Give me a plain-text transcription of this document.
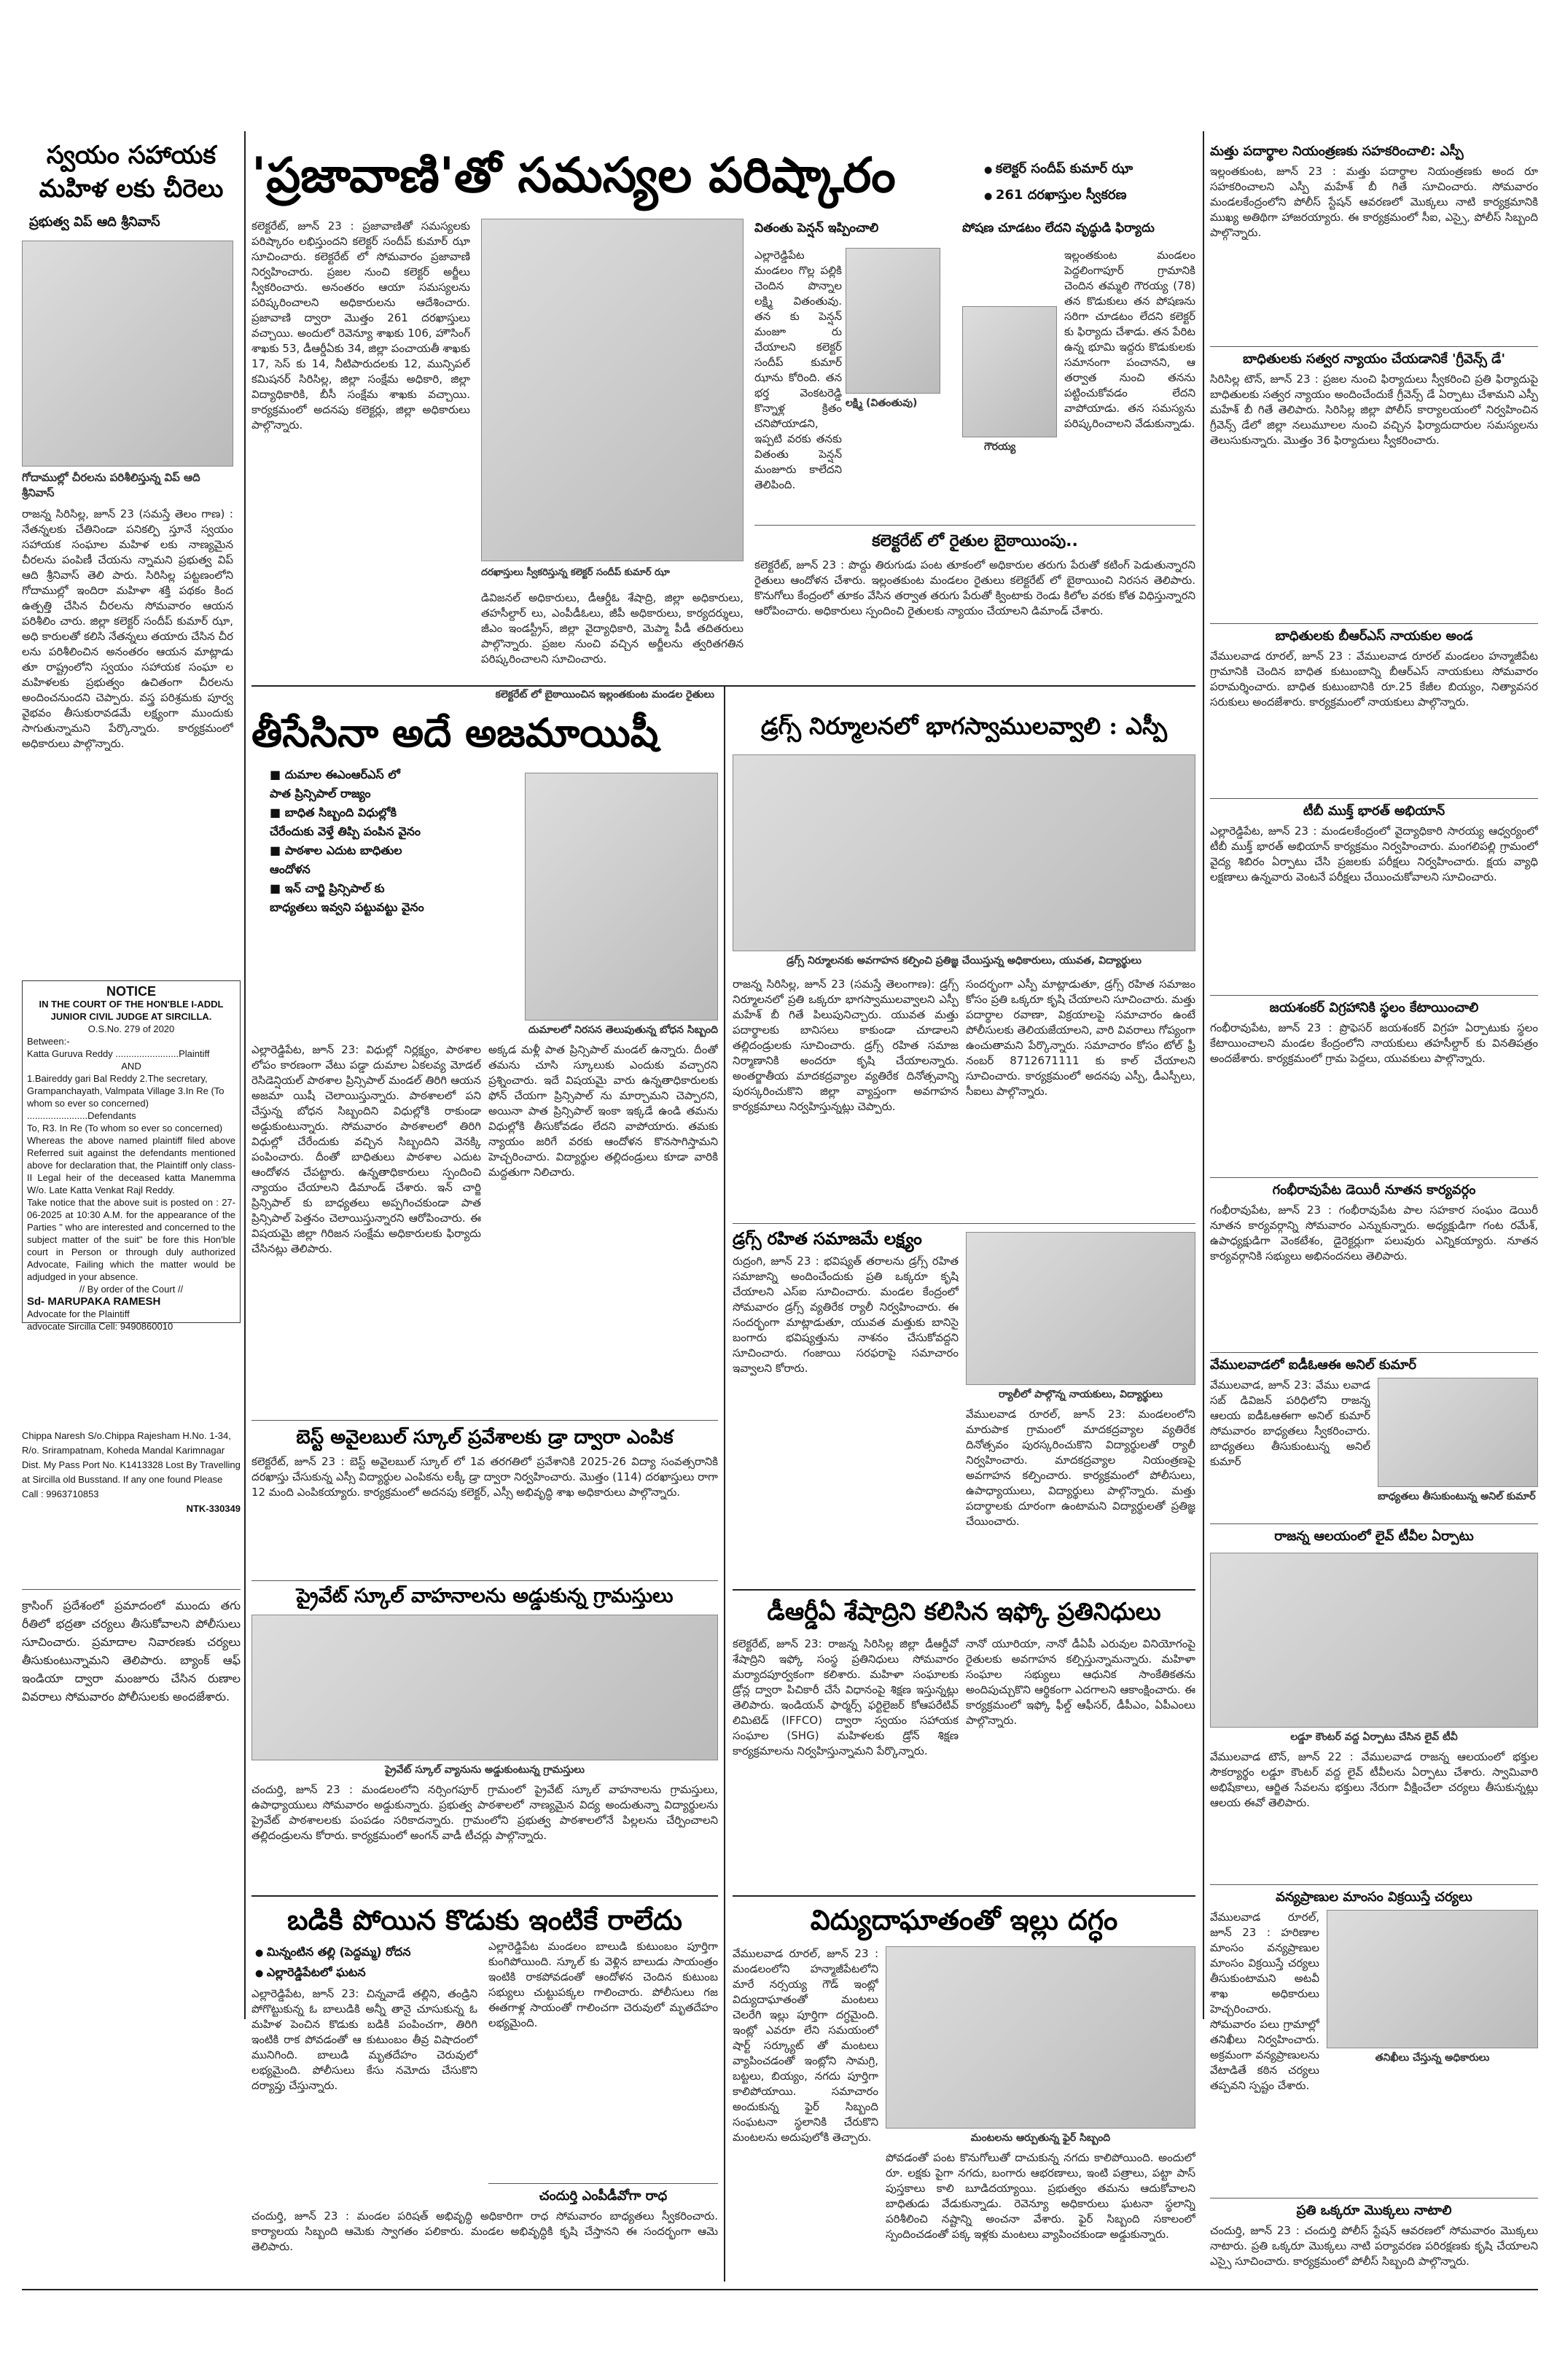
స్వయం సహాయక మహిళ లకు చీరెలు
ప్రభుత్వ విప్ ఆది శ్రీనివాస్
గోదాముల్లో చీరలను పరిశీలిస్తున్న విప్ ఆది శ్రీనివాస్
రాజన్న సిరిసిల్ల, జూన్ 23 (సమస్తే తెలం గాణ) : నేతన్నలకు చేతినిండా పనికల్పి స్తూనే స్వయం సహాయక సంఘాల మహిళ లకు నాణ్యమైన చీరలను పంపిణీ చేయను న్నామని ప్రభుత్వ విప్ ఆది శ్రీనివాస్ తెలి పారు. సిరిసిల్ల పట్టణంలోని గోదాముల్లో ఇందిరా మహిళా శక్తి పథకం కింద ఉత్పత్తి చేసిన చీరలను సోమవారం ఆయన పరిశీలిం చారు. జిల్లా కలెక్టర్ సందీప్ కుమార్ ఝా, అధి కారులతో కలిసి నేతన్నలు తయారు చేసిన చీర లను పరిశీలించిన అనంతరం ఆయన మాట్లాడు తూ రాష్ట్రంలోని స్వయం సహాయక సంఘా ల మహిళలకు ప్రభుత్వం ఉచితంగా చీరలను అందించనుందని చెప్పారు. వస్త్ర పరిశ్రమకు పూర్వ వైభవం తీసుకురావడమే లక్ష్యంగా ముందుకు సాగుతున్నామని పేర్కొన్నారు. కార్యక్రమంలో అధికారులు పాల్గొన్నారు.
NOTICE
IN THE COURT OF THE HON'BLE I-ADDL JUNIOR CIVIL JUDGE AT SIRCILLA.
O.S.No. 279 of 2020
Between:-
Katta Guruva Reddy ........................Plaintiff
AND
1.Baireddy gari Bal Reddy 2.The secretary, Grampanchayath, Valmpata Village 3.In Re (To whom so ever so concerned) .......................Defendants
To, R3. In Re (To whom so ever so concerned)
Whereas the above named plaintiff filed above Referred suit against the defendants mentioned above for declaration that, the Plaintiff only class-II Legal heir of the deceased katta Manemma W/o. Late Katta Venkat Rajl Reddy.
Take notice that the above suit is posted on : 27-06-2025 at 10:30 A.M. for the appearance of the Parties " who are interested and concerned to the subject matter of the suit" be fore this Hon'ble court in Person or through duly authorized Advocate, Failing which the matter would be adjudged in your absence.
// By order of the Court //
Sd- MARUPAKA RAMESH
Advocate for the Plaintiff
advocate Sircilla Cell: 9490860010
Chippa Naresh S/o.Chippa Rajesham H.No. 1-34, R/o. Srirampatnam, Koheda Mandal Karimnagar Dist. My Pass Port No. K1413328 Lost By Travelling at Sircilla old Busstand. If any one found Please Call : 9963710853
NTK-330349
క్రాసింగ్ ప్రదేశంలో ప్రమాదంలో ముందు తగు రీతిలో భద్రతా చర్యలు తీసుకోవాలని పోలీసులు సూచించారు. ప్రమాదాల నివారణకు చర్యలు తీసుకుంటున్నామని తెలిపారు. బ్యాంక్ ఆఫ్ ఇండియా ద్వారా మంజూరు చేసిన రుణాల వివరాలు సోమవారం పోలీసులకు అందజేశారు.
'ప్రజావాణి'తో సమస్యల పరిష్కారం
●	కలెక్టర్ సందీప్ కుమార్ ఝా
● 261 దరఖాస్తుల స్వీకరణ
కలెక్టరేట్, జూన్ 23 : ప్రజావాణితో సమస్యలకు పరిష్కారం లభిస్తుందని కలెక్టర్ సందీప్ కుమార్ ఝా సూచించారు. కలెక్టరేట్ లో సోమవారం ప్రజావాణి నిర్వహించారు. ప్రజల నుంచి కలెక్టర్ అర్జీలు స్వీకరించారు. అనంతరం ఆయా సమస్యలను పరిష్కరించాలని అధికారులను ఆదేశించారు. ప్రజావాణి ద్వారా మొత్తం 261 దరఖాస్తులు వచ్చాయి. అందులో రెవెన్యూ శాఖకు 106, హౌసింగ్ శాఖకు 53, డీఆర్డీఏకు 34, జిల్లా పంచాయతీ శాఖకు 17, సెస్ కు 14, నీటిపారుదలకు 12, మున్సిపల్ కమిషనర్ సిరిసిల్ల, జిల్లా సంక్షేమ అధికారి, జిల్లా విద్యాధికారికి, బీసీ సంక్షేమ శాఖకు వచ్చాయి. కార్యక్రమంలో అదనపు కలెక్టర్లు, జిల్లా అధికారులు పాల్గొన్నారు.
దరఖాస్తులు స్వీకరిస్తున్న కలెక్టర్ సందీప్ కుమార్ ఝా
డివిజనల్ అధికారులు, డీఆర్డీఓ శేషాద్రి, జిల్లా అధికారులు, తహసీల్దార్ లు, ఎంపీడీఓలు, జీపీ అధికారులు, కార్యదర్శులు, జీఎం ఇండస్ట్రీస్, జిల్లా వైద్యాధికారి, మెప్మా పీడీ తదితరులు పాల్గొన్నారు. ప్రజల నుంచి వచ్చిన అర్జీలను త్వరితగతిన పరిష్కరించాలని సూచించారు.
వితంతు పెన్షన్ ఇప్పించాలి
లక్ష్మి (వితంతువు)
ఎల్లారెడ్డిపేట మండలం గొల్ల పల్లికి చెందిన పొన్నాల లక్ష్మి వితంతువు. తన కు పెన్షన్ మంజూ రు చేయాలని కలెక్టర్ సందీప్ కుమార్ ఝాను కోరింది. తన భర్త వెంకటరెడ్డి కొన్నాళ్ల క్రితం చనిపోయాడని, ఇప్పటి వరకు తనకు వితంతు పెన్షన్ మంజూరు కాలేదని తెలిపింది.
పోషణ చూడటం లేదని వృద్ధుడి ఫిర్యాదు
గౌరయ్య
ఇల్లంతకుంట మండలం పెద్దలింగాపూర్ గ్రామానికి చెందిన తమ్మలి గౌరయ్య (78) తన కొడుకులు తన పోషణను సరిగా చూడటం లేదని కలెక్టర్ కు ఫిర్యాదు చేశాడు. తన పేరిట ఉన్న భూమి ఇద్దరు కొడుకులకు సమానంగా పంచానని, ఆ తర్వాత నుంచి తనను పట్టించుకోవడం లేదని వాపోయాడు. తన సమస్యను పరిష్కరించాలని వేడుకున్నాడు.
కలెక్టరేట్ లో రైతుల బైఠాయింపు..
కలెక్టరేట్, జూన్ 23 : పొద్దు తిరుగుడు పంట తూకంలో అధికారుల తరుగు పేరుతో కటింగ్ పెడుతున్నారని రైతులు ఆందోళన చేశారు. ఇల్లంతకుంట మండలం రైతులు కలెక్టరేట్ లో బైఠాయించి నిరసన తెలిపారు. కొనుగోలు కేంద్రంలో తూకం వేసిన తర్వాత తరుగు పేరుతో క్వింటాకు రెండు కిలోల వరకు కోత విధిస్తున్నారని ఆరోపించారు. అధికారులు స్పందించి రైతులకు న్యాయం చేయాలని డిమాండ్ చేశారు.
కలెక్టరేట్ లో బైఠాయించిన ఇల్లంతకుంట మండల రైతులు
తీసేసినా అదే అజమాయిషీ
■ దుమాల ఈఎంఆర్ఎస్ లో
పాత ప్రిన్సిపాల్ రాజ్యం
■ బాధిత సిబ్బంది విధుల్లోకి
చేరేందుకు వెళ్తే తిప్పి పంపిన వైనం
■ పాఠశాల ఎదుట బాధితుల
ఆందోళన
■ ఇన్ చార్జి ప్రిన్సిపాల్ కు
బాధ్యతలు ఇవ్వని పట్టువట్టు వైనం
దుమాలలో నిరసన తెలుపుతున్న బోధన సిబ్బంది
ఎల్లారెడ్డిపేట, జూన్ 23: విధుల్లో నిర్లక్ష్యం, పాఠశాల లోపం కారణంగా వేటు పడ్డా దుమాల ఏకలవ్య మోడల్ రెసిడెన్షియల్ పాఠశాల ప్రిన్సిపాల్ మండల్ తిరిగి ఆయన అజమా యిషీ చెలాయిస్తున్నారు. పాఠశాలలో పని చేస్తున్న బోధన సిబ్బందిని విధుల్లోకి రాకుండా అడ్డుకుంటున్నారు. సోమవారం పాఠశాలలో తిరిగి విధుల్లో చేరేందుకు వచ్చిన సిబ్బందిని వెనక్కి పంపించారు. దీంతో బాధితులు పాఠశాల ఎదుట ఆందోళన చేపట్టారు. ఉన్నతాధికారులు స్పందించి న్యాయం చేయాలని డిమాండ్ చేశారు. ఇన్ చార్జి ప్రిన్సిపాల్ కు బాధ్యతలు అప్పగించకుండా పాత ప్రిన్సిపాల్ పెత్తనం చెలాయిస్తున్నారని ఆరోపించారు. ఈ విషయమై జిల్లా గిరిజన సంక్షేమ అధికారులకు ఫిర్యాదు చేసినట్లు తెలిపారు.
అక్కడ మళ్లీ పాత ప్రిన్సిపాల్ మండల్ ఉన్నారు. దీంతో తమను చూసి స్కూలుకు ఎందుకు వచ్చారని ప్రశ్నించారు. ఇదే విషయమై వారు ఉన్నతాధికారులకు ఫోన్ చేయగా ప్రిన్సిపాల్ ను మార్చామని చెప్పారని, అయినా పాత ప్రిన్సిపాల్ ఇంకా ఇక్కడే ఉండి తమను విధుల్లోకి తీసుకోవడం లేదని వాపోయారు. తమకు న్యాయం జరిగే వరకు ఆందోళన కొనసాగిస్తామని హెచ్చరించారు. విద్యార్థుల తల్లిదండ్రులు కూడా వారికి మద్దతుగా నిలిచారు.
బెస్ట్ అవైలబుల్ స్కూల్ ప్రవేశాలకు డ్రా ద్వారా ఎంపిక
కలెక్టరేట్, జూన్ 23 : బెస్ట్ అవైలబుల్ స్కూల్ లో 1వ తరగతిలో ప్రవేశానికి 2025-26 విద్యా సంవత్సరానికి దరఖాస్తు చేసుకున్న ఎస్సీ విద్యార్థుల ఎంపికను లక్కీ డ్రా ద్వారా నిర్వహించారు. మొత్తం (114) దరఖాస్తులు రాగా 12 మంది ఎంపికయ్యారు. కార్యక్రమంలో అదనపు కలెక్టర్, ఎస్సీ అభివృద్ధి శాఖ అధికారులు పాల్గొన్నారు.
ప్రైవేట్ స్కూల్ వాహనాలను అడ్డుకున్న గ్రామస్తులు
ప్రైవేట్ స్కూల్ వ్యానును అడ్డుకుంటున్న గ్రామస్తులు
చందుర్తి, జూన్ 23 : మండలంలోని నర్సింగపూర్ గ్రామంలో ప్రైవేట్ స్కూల్ వాహనాలను గ్రామస్తులు, ఉపాధ్యాయులు సోమవారం అడ్డుకున్నారు. ప్రభుత్వ పాఠశాలలో నాణ్యమైన విద్య అందుతున్నా విద్యార్థులను ప్రైవేట్ పాఠశాలలకు పంపడం సరికాదన్నారు. గ్రామంలోని ప్రభుత్వ పాఠశాలలోనే పిల్లలను చేర్పించాలని తల్లిదండ్రులను కోరారు. కార్యక్రమంలో అంగన్ వాడీ టీచర్లు పాల్గొన్నారు.
బడికి పోయిన కొడుకు ఇంటికే రాలేదు
● మిన్నంటిన తల్లి (పెద్దమ్మ) రోదన
● ఎల్లారెడ్డిపేటలో ఘటన
ఎల్లారెడ్డిపేట, జూన్ 23: చిన్నవాడే తల్లిని, తండ్రిని పోగొట్టుకున్న ఓ బాలుడికి అన్నీ తానై చూసుకున్న ఓ మహిళ పెంచిన కొడుకు బడికి పంపించగా, తిరిగి ఇంటికి రాక పోవడంతో ఆ కుటుంబం తీవ్ర విషాదంలో మునిగింది. బాలుడి మృతదేహం చెరువులో లభ్యమైంది. పోలీసులు కేసు నమోదు చేసుకొని దర్యాప్తు చేస్తున్నారు.
ఎల్లారెడ్డిపేట మండలం బాలుడి కుటుంబం పూర్తిగా కుంగిపోయింది. స్కూల్ కు వెళ్లిన బాలుడు సాయంత్రం ఇంటికి రాకపోవడంతో ఆందోళన చెందిన కుటుంబ సభ్యులు చుట్టుపక్కల గాలించారు. పోలీసులు గజ ఈతగాళ్ల సాయంతో గాలించగా చెరువులో మృతదేహం లభ్యమైంది.
చందుర్తి ఎంపీడీవోగా రాధ
చందుర్తి, జూన్ 23 : మండల పరిషత్ అభివృద్ధి అధికారిగా రాధ సోమవారం బాధ్యతలు స్వీకరించారు. కార్యాలయ సిబ్బంది ఆమెకు స్వాగతం పలికారు. మండల అభివృద్ధికి కృషి చేస్తానని ఈ సందర్భంగా ఆమె తెలిపారు.
డ్రగ్స్ నిర్మూలనలో భాగస్వాములవ్వాలి : ఎస్పీ
డ్రగ్స్ నిర్మూలనకు అవగాహన కల్పించి ప్రతిజ్ఞ చేయిస్తున్న అధికారులు, యువత, విద్యార్థులు
రాజన్న సిరిసిల్ల, జూన్ 23 (సమస్తే తెలంగాణ): డ్రగ్స్ నిర్మూలనలో ప్రతి ఒక్కరూ భాగస్వాములవ్వాలని ఎస్పీ మహేశ్ బీ గితే పిలుపునిచ్చారు. యువత మత్తు పదార్థాలకు బానిసలు కాకుండా చూడాలని తల్లిదండ్రులకు సూచించారు. డ్రగ్స్ రహిత సమాజ నిర్మాణానికి అందరూ కృషి చేయాలన్నారు. అంతర్జాతీయ మాదకద్రవ్యాల వ్యతిరేక దినోత్సవాన్ని పురస్కరించుకొని జిల్లా వ్యాప్తంగా అవగాహన కార్యక్రమాలు నిర్వహిస్తున్నట్లు చెప్పారు.
సందర్భంగా ఎస్పీ మాట్లాడుతూ, డ్రగ్స్ రహిత సమాజం కోసం ప్రతి ఒక్కరూ కృషి చేయాలని సూచించారు. మత్తు పదార్థాల రవాణా, విక్రయాలపై సమాచారం ఉంటే పోలీసులకు తెలియజేయాలని, వారి వివరాలు గోప్యంగా ఉంచుతామని పేర్కొన్నారు. సమాచారం కోసం టోల్ ఫ్రీ నంబర్ 8712671111 కు కాల్ చేయాలని సూచించారు. కార్యక్రమంలో అదనపు ఎస్పీ, డీఎస్పీలు, సీఐలు పాల్గొన్నారు.
డ్రగ్స్ రహిత సమాజమే లక్ష్యం
రుద్రంగి, జూన్ 23 : భవిష్యత్ తరాలను డ్రగ్స్ రహిత సమాజాన్ని అందించేందుకు ప్రతి ఒక్కరూ కృషి చేయాలని ఎస్ఐ సూచించారు. మండల కేంద్రంలో సోమవారం డ్రగ్స్ వ్యతిరేక ర్యాలీ నిర్వహించారు. ఈ సందర్భంగా మాట్లాడుతూ, యువత మత్తుకు బానిసై బంగారు భవిష్యత్తును నాశనం చేసుకోవద్దని సూచించారు. గంజాయి సరఫరాపై సమాచారం ఇవ్వాలని కోరారు.
ర్యాలీలో పాల్గొన్న నాయకులు, విద్యార్థులు
వేములవాడ రూరల్, జూన్ 23: మండలంలోని మారుపాక గ్రామంలో మాదకద్రవ్యాల వ్యతిరేక దినోత్సవం పురస్కరించుకొని విద్యార్థులతో ర్యాలీ నిర్వహించారు. మాదకద్రవ్యాల నియంత్రణపై అవగాహన కల్పించారు. కార్యక్రమంలో పోలీసులు, ఉపాధ్యాయులు, విద్యార్థులు పాల్గొన్నారు. మత్తు పదార్థాలకు దూరంగా ఉంటామని విద్యార్థులతో ప్రతిజ్ఞ చేయించారు.
డీఆర్డీఏ శేషాద్రిని కలిసిన ఇఫ్కో ప్రతినిధులు
కలెక్టరేట్, జూన్ 23: రాజన్న సిరిసిల్ల జిల్లా డీఆర్డీవో శేషాద్రిని ఇఫ్కో సంస్థ ప్రతినిధులు సోమవారం మర్యాదపూర్వకంగా కలిశారు. మహిళా సంఘాలకు డ్రోన్ల ద్వారా పిచికారీ చేసే విధానంపై శిక్షణ ఇస్తున్నట్లు తెలిపారు. ఇండియన్ ఫార్మర్స్ ఫర్టిలైజర్ కోఆపరేటివ్ లిమిటెడ్ (IFFCO) ద్వారా స్వయం సహాయక సంఘాల (SHG) మహిళలకు డ్రోన్ శిక్షణ కార్యక్రమాలను నిర్వహిస్తున్నామని పేర్కొన్నారు.
నానో యూరియా, నానో డీఏపీ ఎరువుల వినియోగంపై రైతులకు అవగాహన కల్పిస్తున్నామన్నారు. మహిళా సంఘాల సభ్యులు ఆధునిక సాంకేతికతను అందిపుచ్చుకొని ఆర్థికంగా ఎదగాలని ఆకాంక్షించారు. ఈ కార్యక్రమంలో ఇఫ్కో ఫీల్డ్ ఆఫీసర్, డీపీఎం, ఏపీఎంలు పాల్గొన్నారు.
విద్యుదాఘాతంతో ఇల్లు దగ్ధం
వేములవాడ రూరల్, జూన్ 23 : మండలంలోని హన్మాజీపేటలోని మారే నర్సయ్య గౌడ్ ఇంట్లో విద్యుదాఘాతంతో మంటలు చెలరేగి ఇల్లు పూర్తిగా దగ్ధమైంది. ఇంట్లో ఎవరూ లేని సమయంలో షార్ట్ సర్క్యూట్ తో మంటలు వ్యాపించడంతో ఇంట్లోని సామగ్రి, బట్టలు, బియ్యం, నగదు పూర్తిగా కాలిపోయాయి. సమాచారం అందుకున్న ఫైర్ సిబ్బంది సంఘటనా స్థలానికి చేరుకొని మంటలను అదుపులోకి తెచ్చారు.	మంటలను ఆర్పుతున్న ఫైర్ సిబ్బంది
పోవడంతో పంట కొనుగోలుతో దాచుకున్న నగదు కాలిపోయింది. అందులో రూ. లక్షకు పైగా నగదు, బంగారు ఆభరణాలు, ఇంటి పత్రాలు, పట్టా పాస్ పుస్తకాలు కాలి బూడిదయ్యాయి. ప్రభుత్వం తమను ఆదుకోవాలని బాధితుడు వేడుకున్నాడు. రెవెన్యూ అధికారులు ఘటనా స్థలాన్ని పరిశీలించి నష్టాన్ని అంచనా వేశారు. ఫైర్ సిబ్బంది సకాలంలో స్పందించడంతో పక్క ఇళ్లకు మంటలు వ్యాపించకుండా అడ్డుకున్నారు.
మత్తు పదార్థాల నియంత్రణకు సహకరించాలి: ఎస్పీ
ఇల్లంతకుంట, జూన్ 23 : మత్తు పదార్థాల నియంత్రణకు అంద రూ సహకరించాలని ఎస్పీ మహేశ్ బీ గితే సూచించారు. సోమవారం మండలకేంద్రంలోని పోలీస్ స్టేషన్ ఆవరణలో మొక్కలు నాటి కార్యక్రమానికి ముఖ్య అతిథిగా హాజరయ్యారు. ఈ కార్యక్రమంలో సీఐ, ఎస్సై, పోలీస్ సిబ్బంది పాల్గొన్నారు.
బాధితులకు సత్వర న్యాయం చేయడానికే 'గ్రీవెన్స్ డే'
సిరిసిల్ల టౌన్, జూన్ 23 : ప్రజల నుంచి ఫిర్యాదులు స్వీకరించి ప్రతి ఫిర్యాదుపై బాధితులకు సత్వర న్యాయం అందించేందుకే గ్రీవెన్స్ డే ఏర్పాటు చేశామని ఎస్పీ మహేశ్ బీ గితే తెలిపారు. సిరిసిల్ల జిల్లా పోలీస్ కార్యాలయంలో నిర్వహించిన గ్రీవెన్స్ డేలో జిల్లా నలుమూలల నుంచి వచ్చిన ఫిర్యాదుదారుల సమస్యలను తెలుసుకున్నారు. మొత్తం 36 ఫిర్యాదులు స్వీకరించారు.
బాధితులకు బీఆర్ఎస్ నాయకుల అండ
వేములవాడ రూరల్, జూన్ 23 : వేములవాడ రూరల్ మండలం హన్మాజీపేట గ్రామానికి చెందిన బాధిత కుటుంబాన్ని బీఆర్ఎస్ నాయకులు సోమవారం పరామర్శించారు. బాధిత కుటుంబానికి రూ.25 కేజీల బియ్యం, నిత్యావసర సరుకులు అందజేశారు. కార్యక్రమంలో నాయకులు పాల్గొన్నారు.
టీబీ ముక్త్ భారత్ అభియాన్
ఎల్లారెడ్డిపేట, జూన్ 23 : మండలకేంద్రంలో వైద్యాధికారి సారయ్య ఆధ్వర్యంలో టీబీ ముక్త్ భారత్ అభియాన్ కార్యక్రమం నిర్వహించారు. మంగలిపల్లి గ్రామంలో వైద్య శిబిరం ఏర్పాటు చేసి ప్రజలకు పరీక్షలు నిర్వహించారు. క్షయ వ్యాధి లక్షణాలు ఉన్నవారు వెంటనే పరీక్షలు చేయించుకోవాలని సూచించారు.
జయశంకర్ విగ్రహానికి స్థలం కేటాయించాలి
గంభీరావుపేట, జూన్ 23 : ప్రొఫెసర్ జయశంకర్ విగ్రహ ఏర్పాటుకు స్థలం కేటాయించాలని మండల కేంద్రంలోని నాయకులు తహసీల్దార్ కు వినతిపత్రం అందజేశారు. కార్యక్రమంలో గ్రామ పెద్దలు, యువకులు పాల్గొన్నారు.
గంభీరావుపేట డెయిరీ నూతన కార్యవర్గం
గంభీరావుపేట, జూన్ 23 : గంభీరావుపేట పాల సహకార సంఘం డెయిరీ నూతన కార్యవర్గాన్ని సోమవారం ఎన్నుకున్నారు. అధ్యక్షుడిగా గంట రమేశ్, ఉపాధ్యక్షుడిగా వెంకటేశం, డైరెక్టర్లుగా పలువురు ఎన్నికయ్యారు. నూతన కార్యవర్గానికి సభ్యులు అభినందనలు తెలిపారు.
వేములవాడలో ఐడీఓఆఈ అనిల్ కుమార్
వేములవాడ, జూన్ 23: వేము లవాడ సబ్ డివిజన్ పరిధిలోని రాజన్న ఆలయ ఐడీఓఆఈగా అనిల్ కుమార్ సోమవారం బాధ్యతలు స్వీకరించారు. బాధ్యతలు తీసుకుంటున్న అనిల్ కుమార్
బాధ్యతలు తీసుకుంటున్న అనిల్ కుమార్
రాజన్న ఆలయంలో లైవ్ టీవీల ఏర్పాటు
లడ్డూ కౌంటర్ వద్ద ఏర్పాటు చేసిన లైవ్ టీవీ
వేములవాడ టౌన్, జూన్ 22 : వేములవాడ రాజన్న ఆలయంలో భక్తుల సౌకర్యార్థం లడ్డూ కౌంటర్ వద్ద లైవ్ టీవీలను ఏర్పాటు చేశారు. స్వామివారి అభిషేకాలు, ఆర్జిత సేవలను భక్తులు నేరుగా వీక్షించేలా చర్యలు తీసుకున్నట్లు ఆలయ ఈవో తెలిపారు.
వన్యప్రాణుల మాంసం విక్రయిస్తే చర్యలు
వేములవాడ రూరల్, జూన్ 23 : హరిణాల మాంసం వన్యప్రాణుల మాంసం విక్రయిస్తే చర్యలు తీసుకుంటామని అటవీ శాఖ అధికారులు హెచ్చరించారు. సోమవారం పలు గ్రామాల్లో తనిఖీలు నిర్వహించారు. అక్రమంగా వన్యప్రాణులను వేటాడితే కఠిన చర్యలు తప్పవని స్పష్టం చేశారు.
తనిఖీలు చేస్తున్న అధికారులు
ప్రతి ఒక్కరూ మొక్కలు నాటాలి
చందుర్తి, జూన్ 23 : చందుర్తి పోలీస్ స్టేషన్ ఆవరణలో సోమవారం మొక్కలు నాటారు. ప్రతి ఒక్కరూ మొక్కలు నాటి పర్యావరణ పరిరక్షణకు కృషి చేయాలని ఎస్సై సూచించారు. కార్యక్రమంలో పోలీస్ సిబ్బంది పాల్గొన్నారు.
